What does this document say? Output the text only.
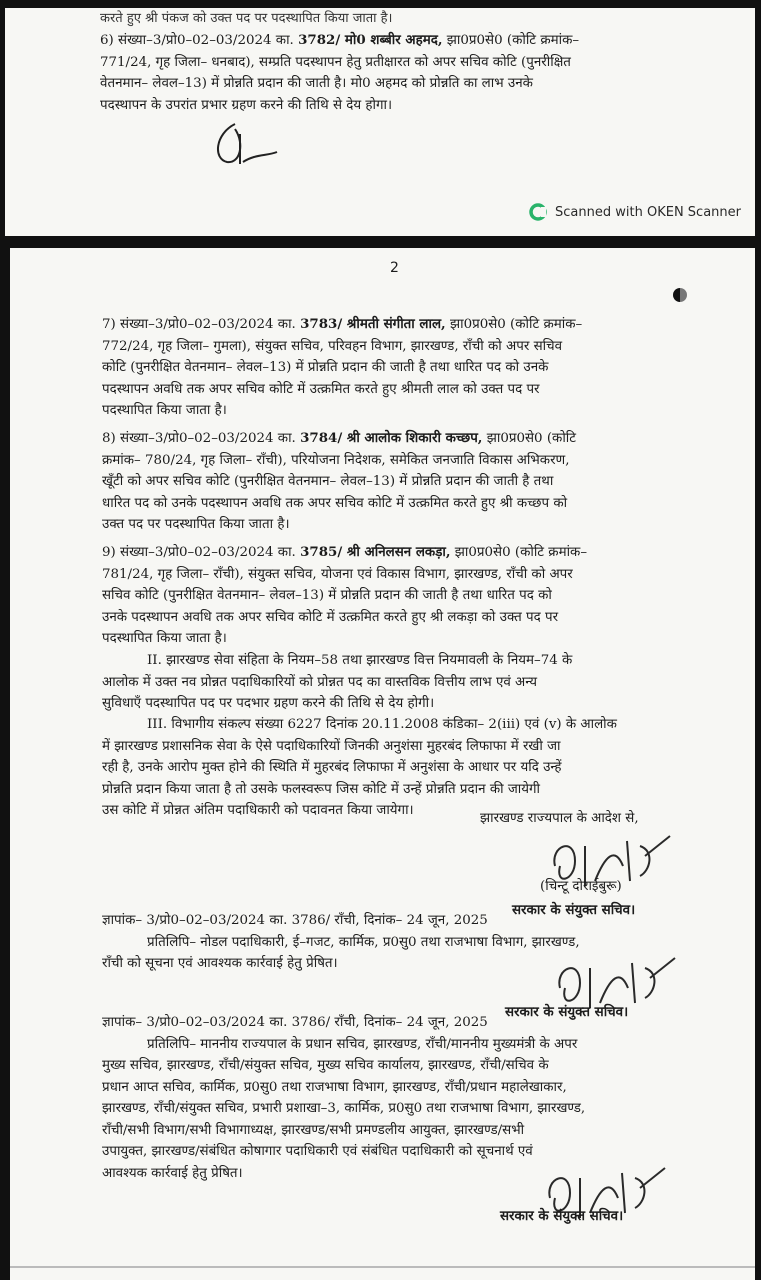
करते हुए श्री पंकज को उक्त पद पर पदस्थापित किया जाता है।
6) संख्या–3/प्रो0–02–03/2024 का. 3782/ मो0 शब्बीर अहमद, झा0प्र0से0 (कोटि क्रमांक–
771/24, गृह जिला– धनबाद), सम्प्रति पदस्थापन हेतु प्रतीक्षारत को अपर सचिव कोटि (पुनरीक्षित
वेतनमान– लेवल–13) में प्रोन्नति प्रदान की जाती है। मो0 अहमद को प्रोन्नति का लाभ उनके
पदस्थापन के उपरांत प्रभार ग्रहण करने की तिथि से देय होगा।
Scanned with OKEN Scanner
2
7) संख्या–3/प्रो0–02–03/2024 का. 3783/ श्रीमती संगीता लाल, झा0प्र0से0 (कोटि क्रमांक–
772/24, गृह जिला– गुमला), संयुक्त सचिव, परिवहन विभाग, झारखण्ड, राँची को अपर सचिव
कोटि (पुनरीक्षित वेतनमान– लेवल–13) में प्रोन्नति प्रदान की जाती है तथा धारित पद को उनके
पदस्थापन अवधि तक अपर सचिव कोटि में उत्क्रमित करते हुए श्रीमती लाल को उक्त पद पर
पदस्थापित किया जाता है।
8) संख्या–3/प्रो0–02–03/2024 का. 3784/ श्री आलोक शिकारी कच्छप, झा0प्र0से0 (कोटि
क्रमांक– 780/24, गृह जिला– राँची), परियोजना निदेशक, समेकित जनजाति विकास अभिकरण,
खूँटी को अपर सचिव कोटि (पुनरीक्षित वेतनमान– लेवल–13) में प्रोन्नति प्रदान की जाती है तथा
धारित पद को उनके पदस्थापन अवधि तक अपर सचिव कोटि में उत्क्रमित करते हुए श्री कच्छप को
उक्त पद पर पदस्थापित किया जाता है।
9) संख्या–3/प्रो0–02–03/2024 का. 3785/ श्री अनिलसन लकड़ा, झा0प्र0से0 (कोटि क्रमांक–
781/24, गृह जिला– राँची), संयुक्त सचिव, योजना एवं विकास विभाग, झारखण्ड, राँची को अपर
सचिव कोटि (पुनरीक्षित वेतनमान– लेवल–13) में प्रोन्नति प्रदान की जाती है तथा धारित पद को
उनके पदस्थापन अवधि तक अपर सचिव कोटि में उत्क्रमित करते हुए श्री लकड़ा को उक्त पद पर
पदस्थापित किया जाता है।
II. झारखण्ड सेवा संहिता के नियम–58 तथा झारखण्ड वित्त नियमावली के नियम–74 के
आलोक में उक्त नव प्रोन्नत पदाधिकारियों को प्रोन्नत पद का वास्तविक वित्तीय लाभ एवं अन्य
सुविधाएँ पदस्थापित पद पर पदभार ग्रहण करने की तिथि से देय होगी।
III. विभागीय संकल्प संख्या 6227 दिनांक 20.11.2008 कंडिका– 2(iii) एवं (v) के आलोक
में झारखण्ड प्रशासनिक सेवा के ऐसे पदाधिकारियों जिनकी अनुशंसा मुहरबंद लिफाफा में रखी जा
रही है, उनके आरोप मुक्त होने की स्थिति में मुहरबंद लिफाफा में अनुशंसा के आधार पर यदि उन्हें
प्रोन्नति प्रदान किया जाता है तो उसके फलस्वरूप जिस कोटि में उन्हें प्रोन्नति प्रदान की जायेगी
उस कोटि में प्रोन्नत अंतिम पदाधिकारी को पदावनत किया जायेगा।
झारखण्ड राज्यपाल के आदेश से,
(चिन्टू दोराईबुरू)
सरकार के संयुक्त सचिव।
ज्ञापांक– 3/प्रो0–02–03/2024 का. 3786/ राँची, दिनांक– 24 जून, 2025
प्रतिलिपि– नोडल पदाधिकारी, ई–गजट, कार्मिक, प्र0सु0 तथा राजभाषा विभाग, झारखण्ड,
राँची को सूचना एवं आवश्यक कार्रवाई हेतु प्रेषित।
सरकार के संयुक्त सचिव।
ज्ञापांक– 3/प्रो0–02–03/2024 का. 3786/ राँची, दिनांक– 24 जून, 2025
प्रतिलिपि– माननीय राज्यपाल के प्रधान सचिव, झारखण्ड, राँची/माननीय मुख्यमंत्री के अपर
मुख्य सचिव, झारखण्ड, राँची/संयुक्त सचिव, मुख्य सचिव कार्यालय, झारखण्ड, राँची/सचिव के
प्रधान आप्त सचिव, कार्मिक, प्र0सु0 तथा राजभाषा विभाग, झारखण्ड, राँची/प्रधान महालेखाकार,
झारखण्ड, राँची/संयुक्त सचिव, प्रभारी प्रशाखा–3, कार्मिक, प्र0सु0 तथा राजभाषा विभाग, झारखण्ड,
राँची/सभी विभाग/सभी विभागाध्यक्ष, झारखण्ड/सभी प्रमण्डलीय आयुक्त, झारखण्ड/सभी
उपायुक्त, झारखण्ड/संबंधित कोषागार पदाधिकारी एवं संबंधित पदाधिकारी को सूचनार्थ एवं
आवश्यक कार्रवाई हेतु प्रेषित।
सरकार के संयुक्त सचिव।
